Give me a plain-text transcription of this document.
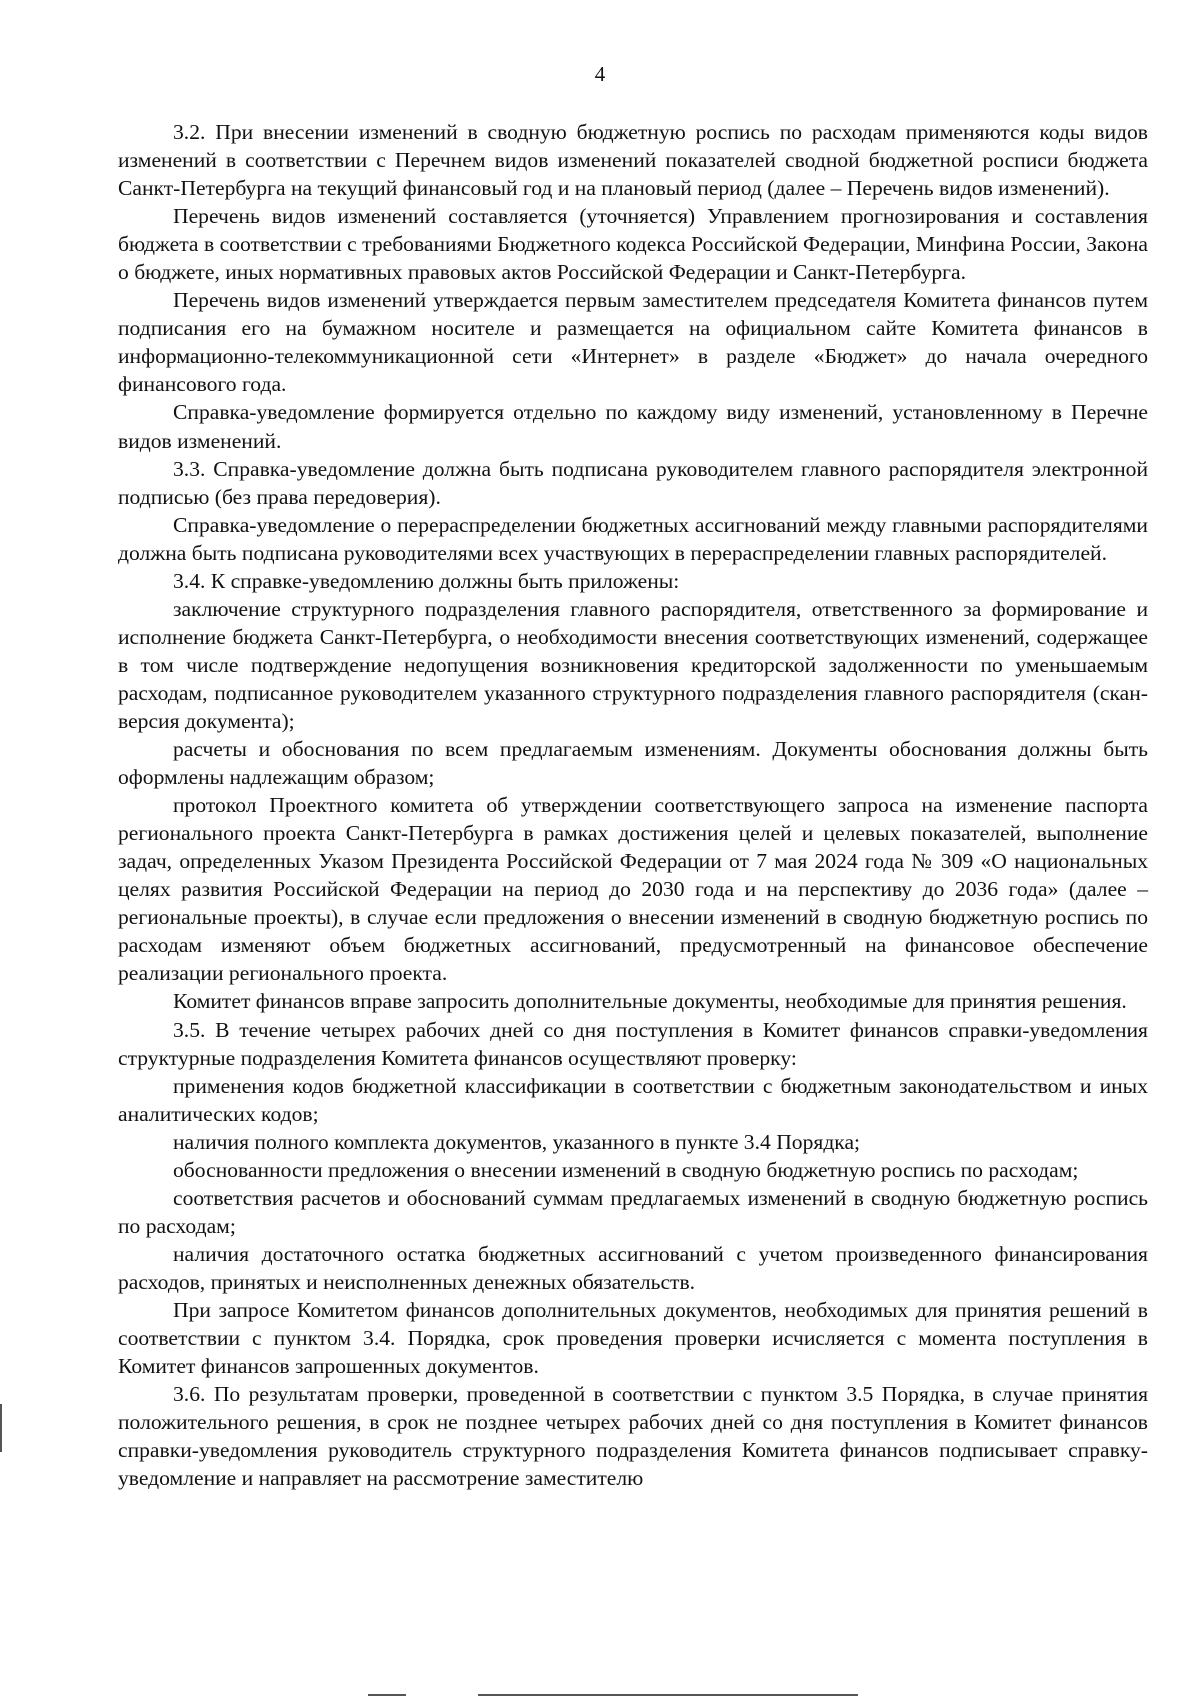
4

3.2. При внесении изменений в сводную бюджетную роспись по расходам применяются коды видов изменений в соответствии с Перечнем видов изменений показателей сводной бюджетной росписи бюджета Санкт-Петербурга на текущий финансовый год и на плановый период (далее – Перечень видов изменений).

Перечень видов изменений составляется (уточняется) Управлением прогнозирования и составления бюджета в соответствии с требованиями Бюджетного кодекса Российской Федерации, Минфина России, Закона о бюджете, иных нормативных правовых актов Российской Федерации и Санкт-Петербурга.

Перечень видов изменений утверждается первым заместителем председателя Комитета финансов путем подписания его на бумажном носителе и размещается на официальном сайте Комитета финансов в информационно-телекоммуникационной сети «Интернет» в разделе «Бюджет» до начала очередного финансового года.

Справка-уведомление формируется отдельно по каждому виду изменений, установленному в Перечне видов изменений.

3.3. Справка-уведомление должна быть подписана руководителем главного распорядителя электронной подписью (без права передоверия).

Справка-уведомление о перераспределении бюджетных ассигнований между главными распорядителями должна быть подписана руководителями всех участвующих в перераспределении главных распорядителей.

3.4. К справке-уведомлению должны быть приложены:

заключение структурного подразделения главного распорядителя, ответственного за формирование и исполнение бюджета Санкт-Петербурга, о необходимости внесения соответствующих изменений, содержащее в том числе подтверждение недопущения возникновения кредиторской задолженности по уменьшаемым расходам, подписанное руководителем указанного структурного подразделения главного распорядителя (скан-версия документа);

расчеты и обоснования по всем предлагаемым изменениям. Документы обоснования должны быть оформлены надлежащим образом;

протокол Проектного комитета об утверждении соответствующего запроса на изменение паспорта регионального проекта Санкт-Петербурга в рамках достижения целей и целевых показателей, выполнение задач, определенных Указом Президента Российской Федерации от 7 мая 2024 года № 309 «О национальных целях развития Российской Федерации на период до 2030 года и на перспективу до 2036 года» (далее – региональные проекты), в случае если предложения о внесении изменений в сводную бюджетную роспись по расходам изменяют объем бюджетных ассигнований, предусмотренный на финансовое обеспечение реализации регионального проекта.

Комитет финансов вправе запросить дополнительные документы, необходимые для принятия решения.

3.5. В течение четырех рабочих дней со дня поступления в Комитет финансов справки-уведомления структурные подразделения Комитета финансов осуществляют проверку:

применения кодов бюджетной классификации в соответствии с бюджетным законодательством и иных аналитических кодов;

наличия полного комплекта документов, указанного в пункте 3.4 Порядка;

обоснованности предложения о внесении изменений в сводную бюджетную роспись по расходам;

соответствия расчетов и обоснований суммам предлагаемых изменений в сводную бюджетную роспись по расходам;

наличия достаточного остатка бюджетных ассигнований с учетом произведенного финансирования расходов, принятых и неисполненных денежных обязательств.

При запросе Комитетом финансов дополнительных документов, необходимых для принятия решений в соответствии с пунктом 3.4. Порядка, срок проведения проверки исчисляется с момента поступления в Комитет финансов запрошенных документов.

3.6. По результатам проверки, проведенной в соответствии с пунктом 3.5 Порядка, в случае принятия положительного решения, в срок не позднее четырех рабочих дней со дня поступления в Комитет финансов справки-уведомления руководитель структурного подразделения Комитета финансов подписывает справку-уведомление и направляет на рассмотрение заместителю
